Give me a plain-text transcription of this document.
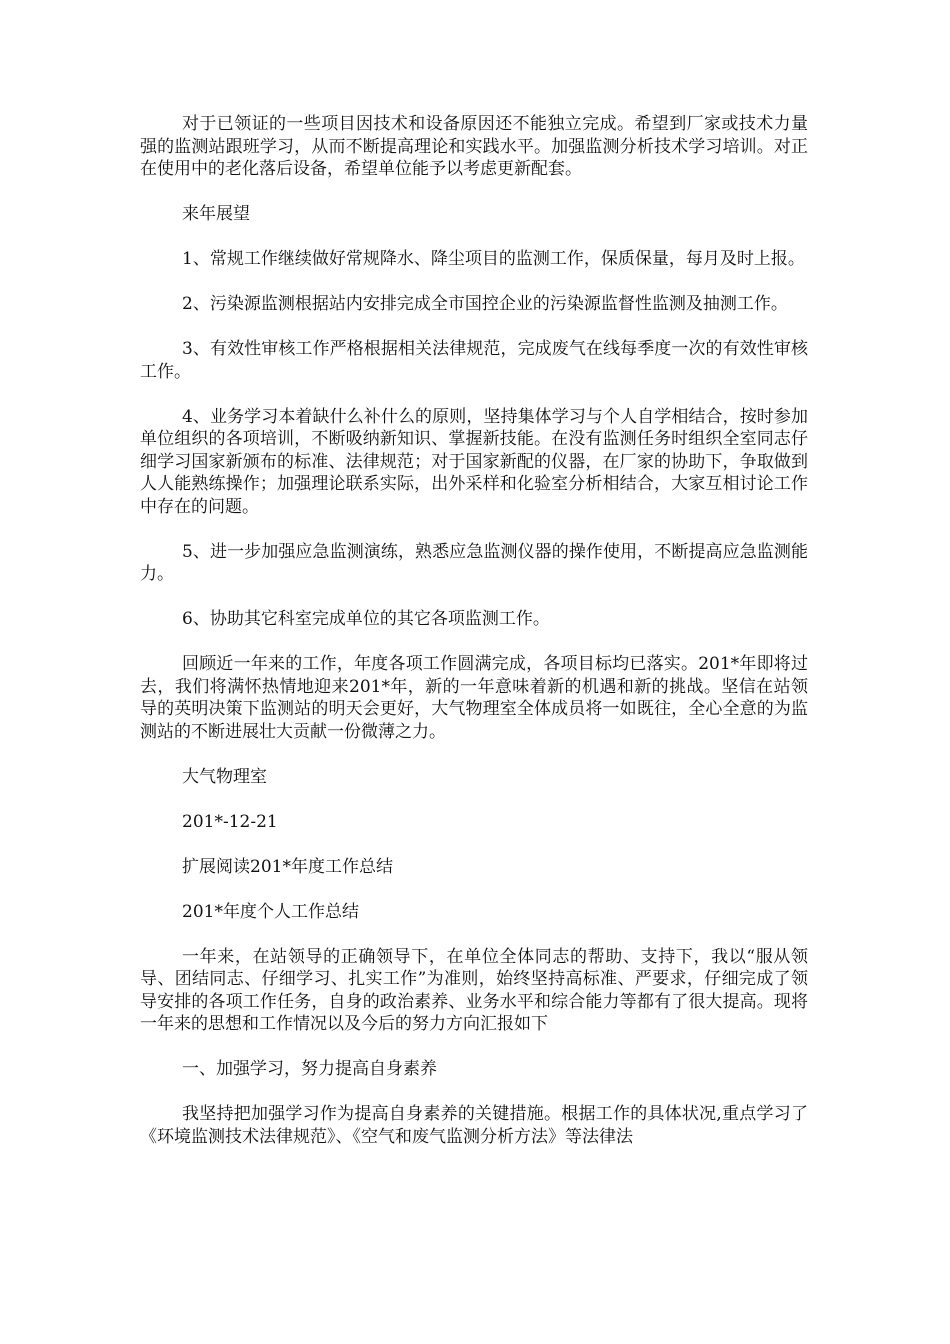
对于已领证的一些项目因技术和设备原因还不能独立完成。希望到厂家或技术力量强的监测站跟班学习，从而不断提高理论和实践水平。加强监测分析技术学习培训。对正在使用中的老化落后设备，希望单位能予以考虑更新配套。

来年展望

1、常规工作继续做好常规降水、降尘项目的监测工作，保质保量，每月及时上报。

2、污染源监测根据站内安排完成全市国控企业的污染源监督性监测及抽测工作。

3、有效性审核工作严格根据相关法律规范，完成废气在线每季度一次的有效性审核工作。

4、业务学习本着缺什么补什么的原则，坚持集体学习与个人自学相结合，按时参加单位组织的各项培训，不断吸纳新知识、掌握新技能。在没有监测任务时组织全室同志仔细学习国家新颁布的标准、法律规范；对于国家新配的仪器，在厂家的协助下，争取做到人人能熟练操作；加强理论联系实际，出外采样和化验室分析相结合，大家互相讨论工作中存在的问题。

5、进一步加强应急监测演练，熟悉应急监测仪器的操作使用，不断提高应急监测能力。

6、协助其它科室完成单位的其它各项监测工作。

回顾近一年来的工作，年度各项工作圆满完成，各项目标均已落实。201*年即将过去，我们将满怀热情地迎来201*年，新的一年意味着新的机遇和新的挑战。坚信在站领导的英明决策下监测站的明天会更好，大气物理室全体成员将一如既往，全心全意的为监测站的不断进展壮大贡献一份微薄之力。

大气物理室

201*-12-21

扩展阅读201*年度工作总结

201*年度个人工作总结

一年来，在站领导的正确领导下，在单位全体同志的帮助、支持下，我以“服从领导、团结同志、仔细学习、扎实工作”为准则，始终坚持高标准、严要求，仔细完成了领导安排的各项工作任务，自身的政治素养、业务水平和综合能力等都有了很大提高。现将一年来的思想和工作情况以及今后的努力方向汇报如下

一、加强学习，努力提高自身素养

我坚持把加强学习作为提高自身素养的关键措施。根据工作的具体状况,重点学习了《环境监测技术法律规范》、《空气和废气监测分析方法》等法律法
